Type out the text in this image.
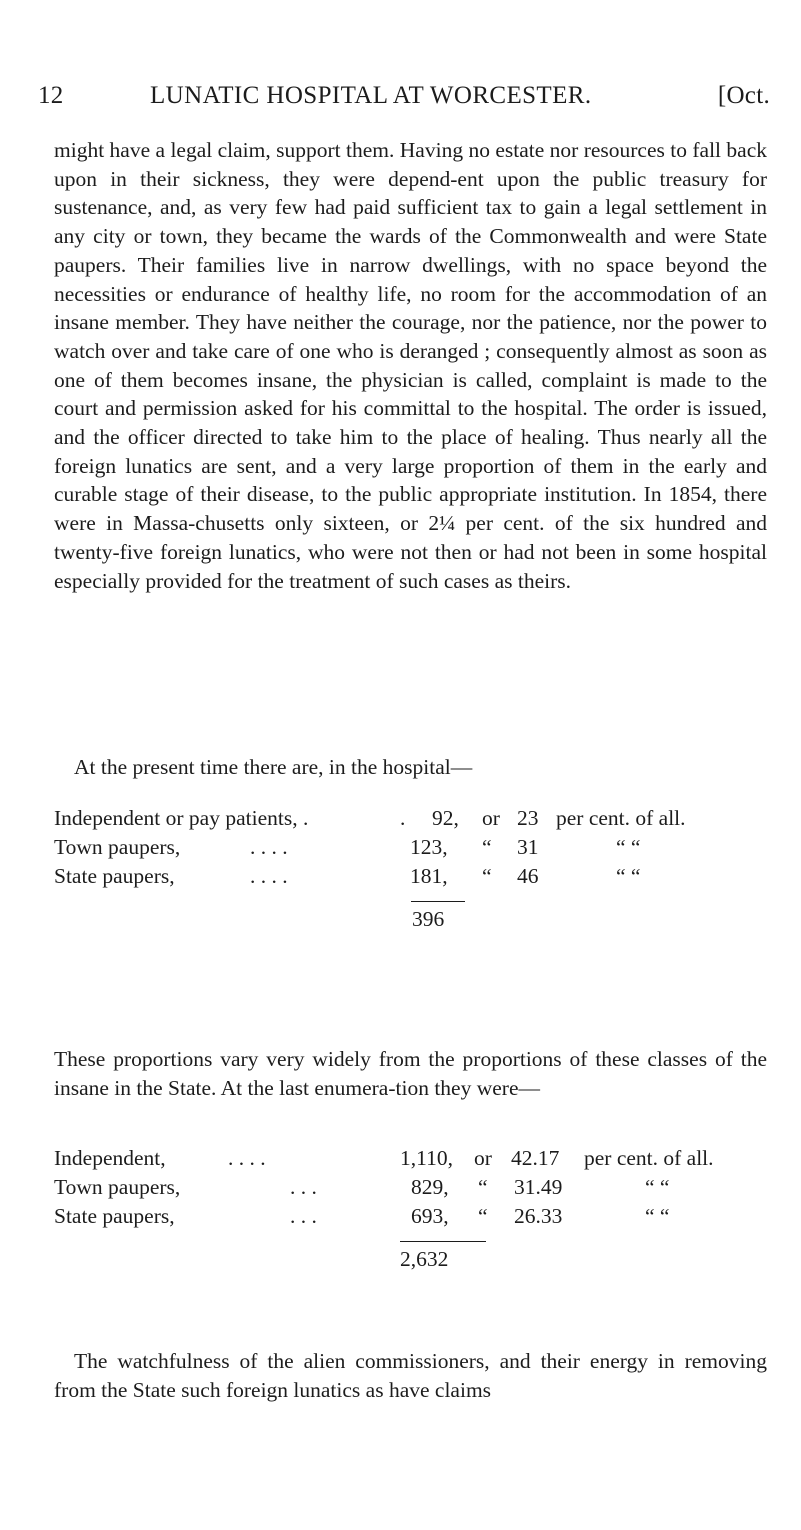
12	LUNATIC HOSPITAL AT WORCESTER.	[Oct.

might have a legal claim, support them. Having no estate nor resources to fall back upon in their sickness, they were depend-ent upon the public treasury for sustenance, and, as very few had paid sufficient tax to gain a legal settlement in any city or town, they became the wards of the Commonwealth and were State paupers. Their families live in narrow dwellings, with no space beyond the necessities or endurance of healthy life, no room for the accommodation of an insane member. They have neither the courage, nor the patience, nor the power to watch over and take care of one who is deranged ; consequently almost as soon as one of them becomes insane, the physician is called, complaint is made to the court and permission asked for his committal to the hospital. The order is issued, and the officer directed to take him to the place of healing. Thus nearly all the foreign lunatics are sent, and a very large proportion of them in the early and curable stage of their disease, to the public appropriate institution. In 1854, there were in Massa-chusetts only sixteen, or 2¼ per cent. of the six hundred and twenty-five foreign lunatics, who were not then or had not been in some hospital especially provided for the treatment of such cases as theirs.

At the present time there are, in the hospital—
Independent or pay patients, .	. 92, or 23 per cent. of all.
Town paupers,	. . . .	123, “ 31	“ “
State paupers,	. . . .	181, “ 46	“ “
396

These proportions vary very widely from the proportions of these classes of the insane in the State. At the last enumera-tion they were—

Independent,	. . . .	1,110, or 42.17 per cent. of all.
Town paupers,	. . .	829, “ 31.49	“ “
State paupers,	. . .	693, “ 26.33	“ “
2,632

The watchfulness of the alien commissioners, and their energy in removing from the State such foreign lunatics as have claims
